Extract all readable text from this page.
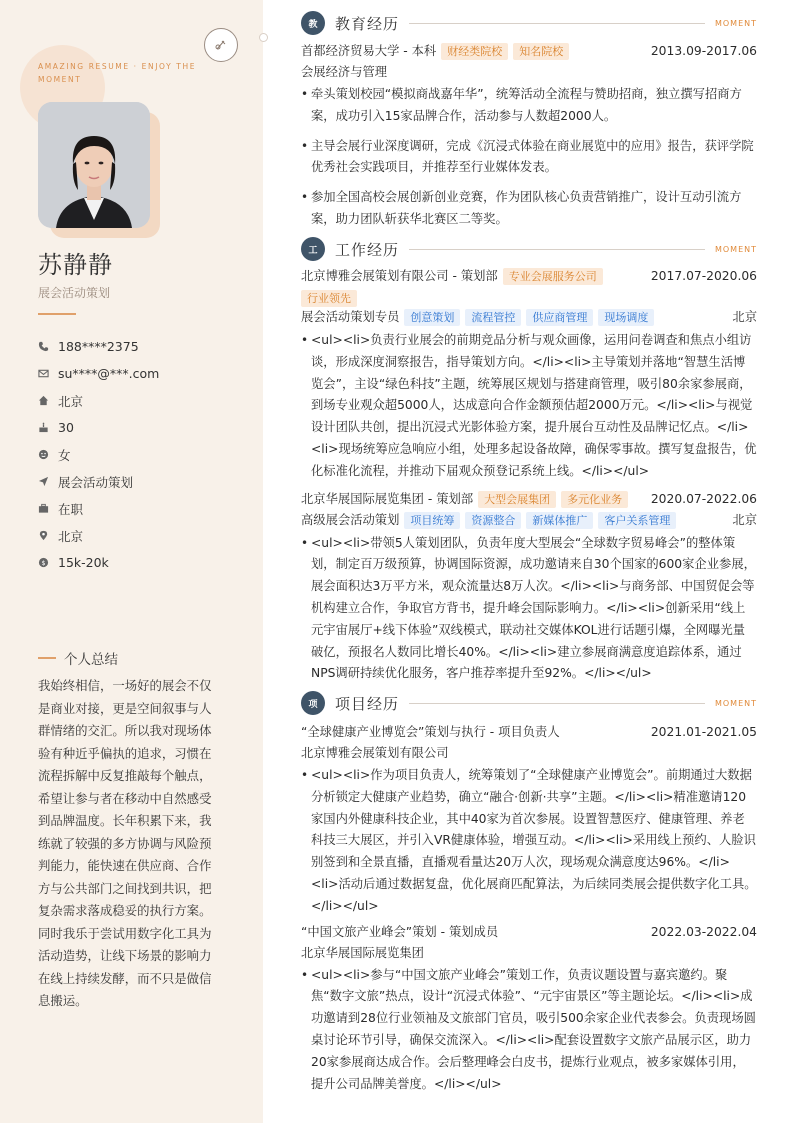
AMAZING RESUME · ENJOY THE MOMENT
苏静静
展会活动策划
188****2375
su****@***.com
北京
30
女
展会活动策划
在职
北京
$ 15k-20k
个人总结
我始终相信，一场好的展会不仅是商业对接，更是空间叙事与人群情绪的交汇。所以我对现场体验有种近乎偏执的追求，习惯在流程拆解中反复推敲每个触点，希望让参与者在移动中自然感受到品牌温度。长年积累下来，我练就了较强的多方协调与风险预判能力，能快速在供应商、合作方与公共部门之间找到共识，把复杂需求落成稳妥的执行方案。同时我乐于尝试用数字化工具为活动造势，让线下场景的影响力在线上持续发酵，而不只是做信息搬运。
教	教育经历	MOMENT
首都经济贸易大学 - 本科	财经类院校	知名院校	2013.09-2017.06
会展经济与管理
• 牵头策划校园“模拟商战嘉年华”，统筹活动全流程与赞助招商，独立撰写招商方案，成功引入15家品牌合作，活动参与人数超2000人。
• 主导会展行业深度调研，完成《沉浸式体验在商业展览中的应用》报告，获评学院优秀社会实践项目，并推荐至行业媒体发表。
• 参加全国高校会展创新创业竞赛，作为团队核心负责营销推广，设计互动引流方案，助力团队斩获华北赛区二等奖。
工	工作经历	MOMENT
北京博雅会展策划有限公司 - 策划部	专业会展服务公司
行业领先
2017.07-2020.06
展会活动策划专员	创意策划	流程管控	供应商管理	现场调度	北京
• <ul><li>负责行业展会的前期竞品分析与观众画像，运用问卷调查和焦点小组访谈，形成深度洞察报告，指导策划方向。</li><li>主导策划并落地“智慧生活博览会”，主设“绿色科技”主题，统筹展区规划与搭建商管理，吸引80余家参展商，到场专业观众超5000人，达成意向合作金额预估超2000万元。</li><li>与视觉设计团队共创，提出沉浸式光影体验方案，提升展台互动性及品牌记忆点。</li><li>现场统筹应急响应小组，处理多起设备故障，确保零事故。撰写复盘报告，优化标准化流程，并推动下届观众预登记系统上线。</li></ul>
北京华展国际展览集团 - 策划部	大型会展集团	多元化业务	2020.07-2022.06
高级展会活动策划	项目统筹	资源整合	新媒体推广	客户关系管理	北京
• <ul><li>带领5人策划团队，负责年度大型展会“全球数字贸易峰会”的整体策划，制定百万级预算，协调国际资源，成功邀请来自30个国家的600家企业参展，展会面积达3万平方米，观众流量达8万人次。</li><li>与商务部、中国贸促会等机构建立合作，争取官方背书，提升峰会国际影响力。</li><li>创新采用“线上元宇宙展厅+线下体验”双线模式，联动社交媒体KOL进行话题引爆，全网曝光量破亿，预报名人数同比增长40%。</li><li>建立参展商满意度追踪体系，通过NPS调研持续优化服务，客户推荐率提升至92%。</li></ul>
项	项目经历	MOMENT
“全球健康产业博览会”策划与执行 - 项目负责人	2021.01-2021.05
北京博雅会展策划有限公司
• <ul><li>作为项目负责人，统筹策划了“全球健康产业博览会”。前期通过大数据分析锁定大健康产业趋势，确立“融合·创新·共享”主题。</li><li>精准邀请120家国内外健康科技企业，其中40家为首次参展。设置智慧医疗、健康管理、养老科技三大展区，并引入VR健康体验，增强互动。</li><li>采用线上预约、人脸识别签到和全景直播，直播观看量达20万人次，现场观众满意度达96%。</li><li>活动后通过数据复盘，优化展商匹配算法，为后续同类展会提供数字化工具。</li></ul>
“中国文旅产业峰会”策划 - 策划成员	2022.03-2022.04
北京华展国际展览集团
• <ul><li>参与“中国文旅产业峰会”策划工作，负责议题设置与嘉宾邀约。聚焦“数字文旅”热点，设计“沉浸式体验”、“元宇宙景区”等主题论坛。</li><li>成功邀请到28位行业领袖及文旅部门官员，吸引500余家企业代表参会。负责现场圆桌讨论环节引导，确保交流深入。</li><li>配套设置数字文旅产品展示区，助力20家参展商达成合作。会后整理峰会白皮书，提炼行业观点，被多家媒体引用，提升公司品牌美誉度。</li></ul>
